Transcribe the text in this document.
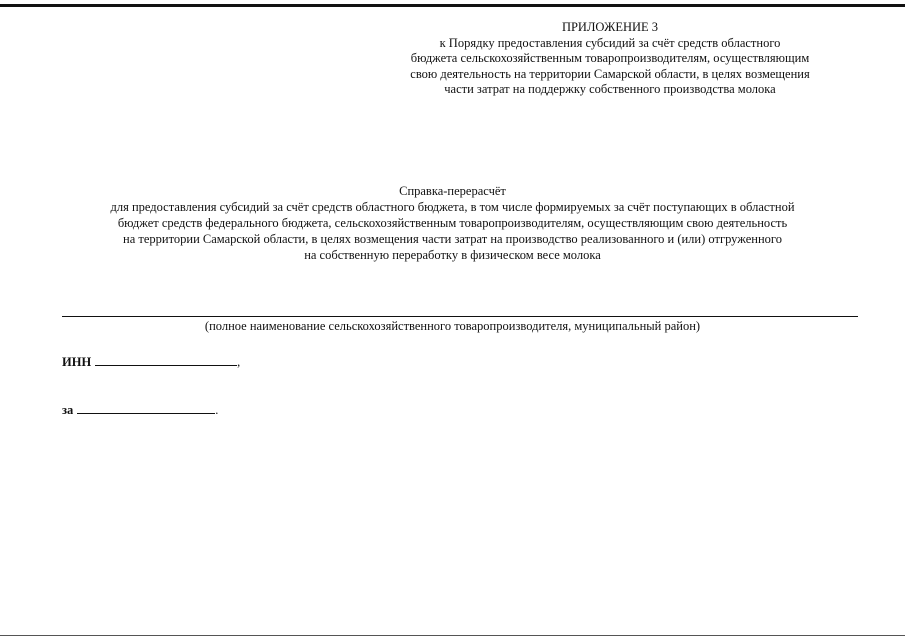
ПРИЛОЖЕНИЕ 3
к Порядку предоставления субсидий за счёт средств областного
бюджета сельскохозяйственным товаропроизводителям, осуществляющим
свою деятельность на территории Самарской области, в целях возмещения
части затрат на поддержку собственного производства молока
Справка-перерасчёт
для предоставления субсидий за счёт средств областного бюджета, в том числе формируемых за счёт поступающих в областной
бюджет средств федерального бюджета, сельскохозяйственным товаропроизводителям, осуществляющим свою деятельность
на территории Самарской области, в целях возмещения части затрат на производство реализованного и (или) отгруженного
на собственную переработку в физическом весе молока
(полное наименование сельскохозяйственного товаропроизводителя, муниципальный район)
ИНН	,
за	.
